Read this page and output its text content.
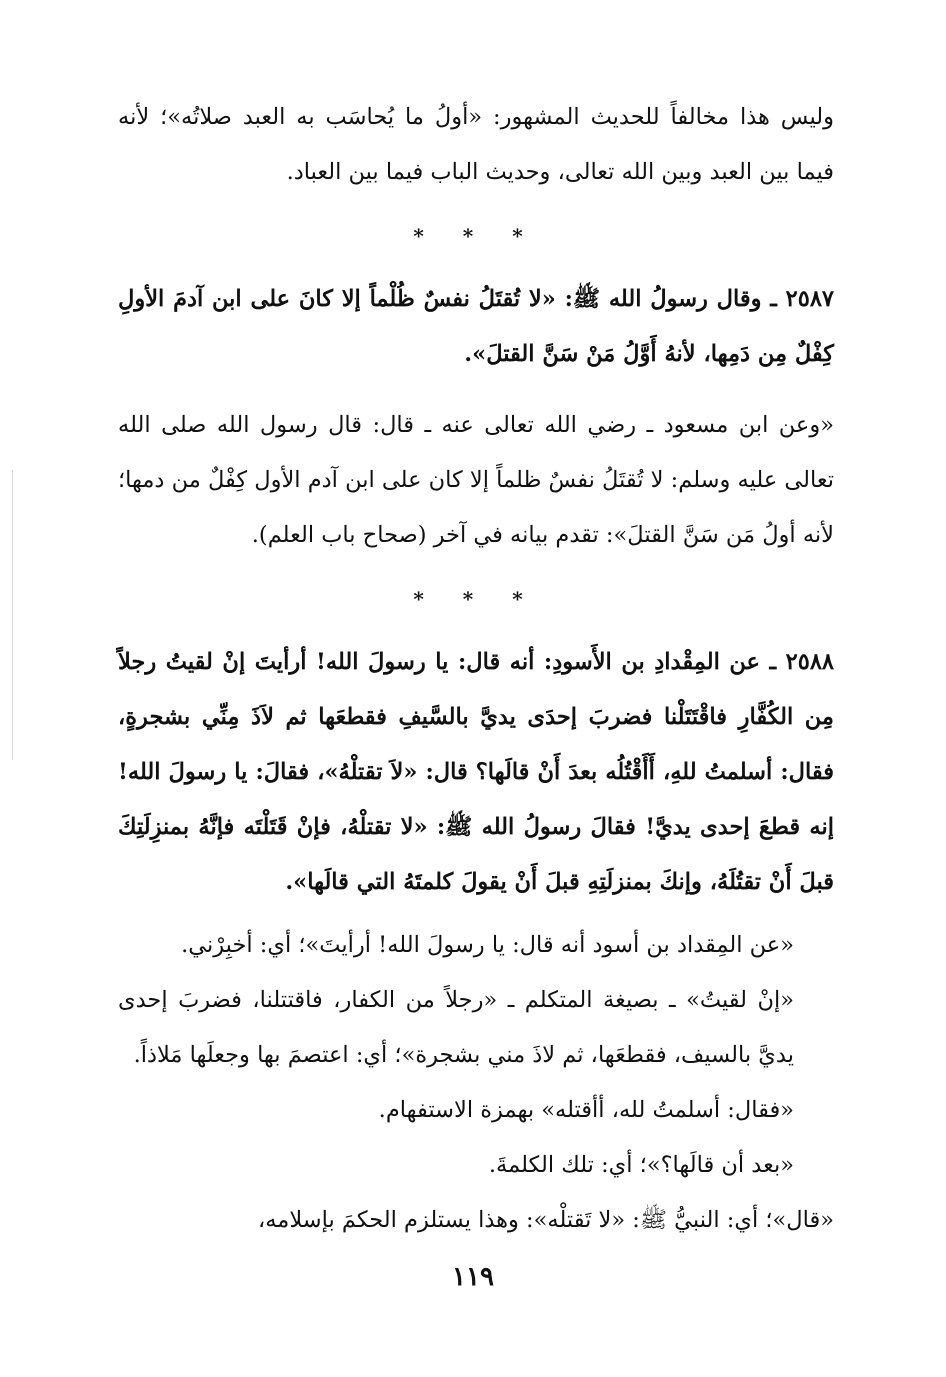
وليس هذا مخالفاً للحديث المشهور: «أولُ ما يُحاسَب به العبد صلاتُه»؛ لأنه فيما بين العبد وبين الله تعالى، وحديث الباب فيما بين العباد.

* * *

٢٥٨٧ ـ وقال رسولُ الله ﷺ: «لا تُقتَلُ نفسٌ ظُلْماً إلا كانَ على ابن آدمَ الأولِ كِفْلٌ مِن دَمِها، لأنهُ أَوَّلُ مَنْ سَنَّ القتلَ».

«وعن ابن مسعود ـ رضي الله تعالى عنه ـ قال: قال رسول الله صلى الله تعالى عليه وسلم: لا تُقتَلُ نفسٌ ظلماً إلا كان على ابن آدم الأول كِفْلٌ من دمها؛ لأنه أولُ مَن سَنَّ القتلَ»: تقدم بيانه في آخر (صحاح باب العلم).

* * *

٢٥٨٨ ـ عن المِقْدادِ بن الأَسودِ: أنه قال: يا رسولَ الله! أرأيتَ إنْ لقيتُ رجلاً مِن الكُفَّارِ فاقْتَتَلْنا فضربَ إحدَى يديَّ بالسَّيفِ فقطعَها ثم لاَذَ مِنِّي بشجرةٍ، فقال: أسلمتُ للهِ، أَأَقْتُلُه بعدَ أَنْ قالَها؟ قال: «لاَ تقتلْهُ»، فقالَ: يا رسولَ الله! إنه قطعَ إحدى يديَّ! فقالَ رسولُ الله ﷺ: «لا تقتلْهُ، فإنْ قَتَلْتَه فإنَّهُ بمنزِلَتِكَ قبلَ أَنْ تقتُلَهُ، وإنكَ بمنزلَتِهِ قبلَ أَنْ يقولَ كلمتَهُ التي قالَها».

«عن المِقداد بن أسود أنه قال: يا رسولَ الله! أرأيتَ»؛ أي: أخبِرْني.

«إنْ لقيتُ» ـ بصيغة المتكلم ـ «رجلاً من الكفار، فاقتتلنا، فضربَ إحدى يديَّ بالسيف، فقطعَها، ثم لاذَ مني بشجرة»؛ أي: اعتصمَ بها وجعلَها مَلاذاً.

«فقال: أسلمتُ لله، أأقتله» بهمزة الاستفهام.

«بعد أن قالَها؟»؛ أي: تلك الكلمةَ.

«قال»؛ أي: النبيُّ ﷺ: «لا تَقتلْه»: وهذا يستلزم الحكمَ بإسلامه،

١١٩
